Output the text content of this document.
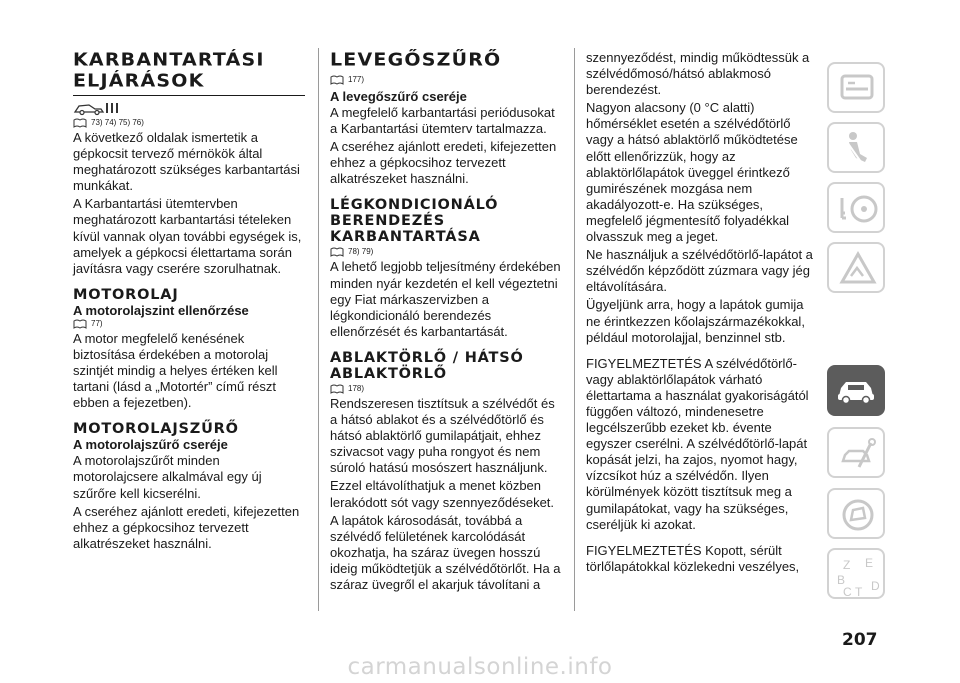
KARBANTARTÁSI
ELJÁRÁSOK
73) 74) 75) 76)

A következő oldalak ismertetik a gépkocsit tervező mérnökök által meghatározott szükséges karbantartási munkákat.

A Karbantartási ütemtervben meghatározott karbantartási tételeken kívül vannak olyan további egységek is, amelyek a gépkocsi élettartama során javításra vagy cserére szorulhatnak.

MOTOROLAJ
A motorolajszint ellenőrzése
77)

A motor megfelelő kenésének biztosítása érdekében a motorolaj szintjét mindig a helyes értéken kell tartani (lásd a „Motortér” című részt ebben a fejezetben).

MOTOROLAJSZŰRŐ
A motorolajszűrő cseréje

A motorolajszűrőt minden motorolajcsere alkalmával egy új szűrőre kell kicserélni.

A cseréhez ajánlott eredeti, kifejezetten ehhez a gépkocsihoz tervezett alkatrészeket használni.

LEVEGŐSZŰRŐ
177)
A levegőszűrő cseréje

A megfelelő karbantartási periódusokat a Karbantartási ütemterv tartalmazza.

A cseréhez ajánlott eredeti, kifejezetten ehhez a gépkocsihoz tervezett alkatrészeket használni.

LÉGKONDICIONÁLÓ
BERENDEZÉS
KARBANTARTÁSA
78) 79)

A lehető legjobb teljesítmény érdekében minden nyár kezdetén el kell végeztetni egy Fiat márkaszervizben a légkondicionáló berendezés ellenőrzését és karbantartását.

ABLAKTÖRLŐ / HÁTSÓ
ABLAKTÖRLŐ
178)

Rendszeresen tisztítsuk a szélvédőt és a hátsó ablakot és a szélvédőtörlő és hátsó ablaktörlő gumilapátjait, ehhez szivacsot vagy puha rongyot és nem súroló hatású mosószert használjunk.

Ezzel eltávolíthatjuk a menet közben lerakódott sót vagy szennyeződéseket.

A lapátok károsodását, továbbá a szélvédő felületének karcolódását okozhatja, ha száraz üvegen hosszú ideig működtetjük a szélvédőtörlőt. Ha a száraz üvegről el akarjuk távolítani a

szennyeződést, mindig működtessük a szélvédőmosó/hátsó ablakmosó berendezést.

Nagyon alacsony (0 °C alatti) hőmérséklet esetén a szélvédőtörlő vagy a hátsó ablaktörlő működtetése előtt ellenőrizzük, hogy az ablaktörlőlapátok üveggel érintkező gumirészének mozgása nem akadályozott-e. Ha szükséges, megfelelő jégmentesítő folyadékkal olvasszuk meg a jeget.

Ne használjuk a szélvédőtörlő-lapátot a szélvédőn képződött zúzmara vagy jég eltávolítására.

Ügyeljünk arra, hogy a lapátok gumija ne érintkezzen kőolajszármazékokkal, például motorolajjal, benzinnel stb.

FIGYELMEZTETÉS A szélvédőtörlő-vagy ablaktörlőlapátok várható élettartama a használat gyakoriságától függően változó, mindenesetre legcélszerűbb ezeket kb. évente egyszer cserélni. A szélvédőtörlő-lapát kopását jelzi, ha zajos, nyomot hagy, vízcsíkot húz a szélvédőn. Ilyen körülmények között tisztítsuk meg a gumilapátokat, vagy ha szükséges, cseréljük ki azokat.

FIGYELMEZTETÉS Kopott, sérült törlőlapátokkal közlekedni veszélyes,	Z E
B
C T D
207
carmanualsonline.info
